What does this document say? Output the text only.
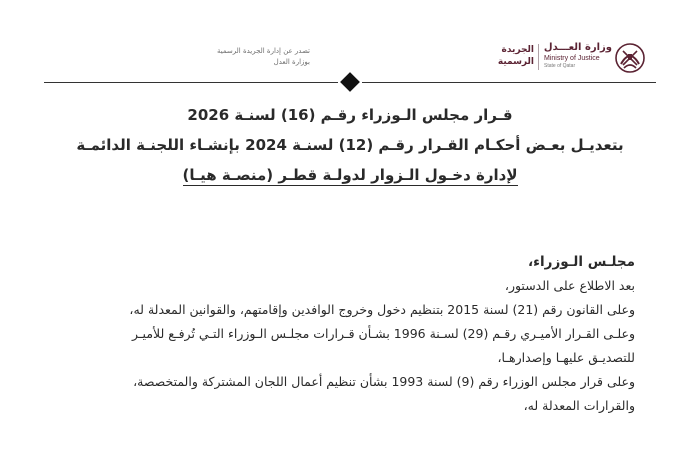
وزارة العـــدل
Ministry of Justice
State of Qatar
الجريدة
الرسمية
تصدر عن إدارة الجريدة الرسمية
بوزارة العدل
قـرار مجلس الـوزراء رقـم (16) لسنـة 2026
بتعديـل بعـض أحكـام القـرار رقـم (12) لسنـة 2024 بإنشـاء اللجنـة الدائمـة
لإدارة دخـول الـزوار لدولـة قطـر (منصـة هيـا)
مجلـس الـوزراء،
بعد الاطلاع على الدستور،
وعلى القانون رقم (21) لسنة 2015 بتنظيم دخول وخروج الوافدين وإقامتهم، والقوانين المعدلة له،
وعلـى القـرار الأميـري رقـم (29) لسـنة 1996 بشـأن قـرارات مجلـس الـوزراء التـي تُرفـع للأميـر
للتصديـق عليهـا وإصدارهـا،
وعلى قرار مجلس الوزراء رقم (9) لسنة 1993 بشأن تنظيم أعمال اللجان المشتركة والمتخصصة،
والقرارات المعدلة له،
